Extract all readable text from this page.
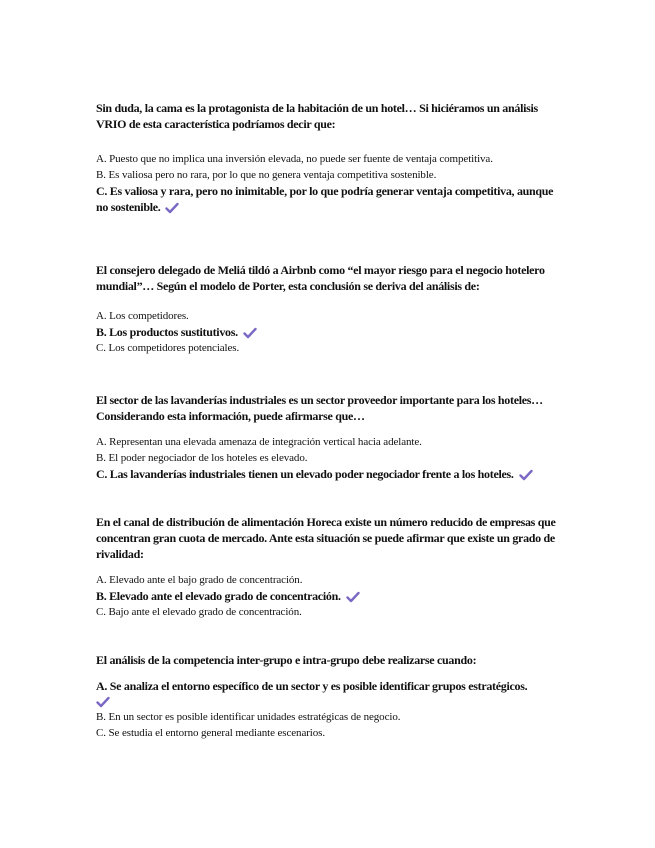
Sin duda, la cama es la protagonista de la habitación de un hotel… Si hiciéramos un análisis VRIO de esta característica podríamos decir que:

A. Puesto que no implica una inversión elevada, no puede ser fuente de ventaja competitiva.

B. Es valiosa pero no rara, por lo que no genera ventaja competitiva sostenible.

C. Es valiosa y rara, pero no inimitable, por lo que podría generar ventaja competitiva, aunque no sostenible.

El consejero delegado de Meliá tildó a Airbnb como “el mayor riesgo para el negocio hotelero mundial”… Según el modelo de Porter, esta conclusión se deriva del análisis de:

A. Los competidores.

B. Los productos sustitutivos.

C. Los competidores potenciales.

El sector de las lavanderías industriales es un sector proveedor importante para los hoteles… Considerando esta información, puede afirmarse que…

A. Representan una elevada amenaza de integración vertical hacia adelante.

B. El poder negociador de los hoteles es elevado.

C. Las lavanderías industriales tienen un elevado poder negociador frente a los hoteles.

En el canal de distribución de alimentación Horeca existe un número reducido de empresas que concentran gran cuota de mercado. Ante esta situación se puede afirmar que existe un grado de rivalidad:

A. Elevado ante el bajo grado de concentración.

B. Elevado ante el elevado grado de concentración.

C. Bajo ante el elevado grado de concentración.

El análisis de la competencia inter-grupo e intra-grupo debe realizarse cuando:

A. Se analiza el entorno específico de un sector y es posible identificar grupos estratégicos.

B. En un sector es posible identificar unidades estratégicas de negocio.

C. Se estudia el entorno general mediante escenarios.
